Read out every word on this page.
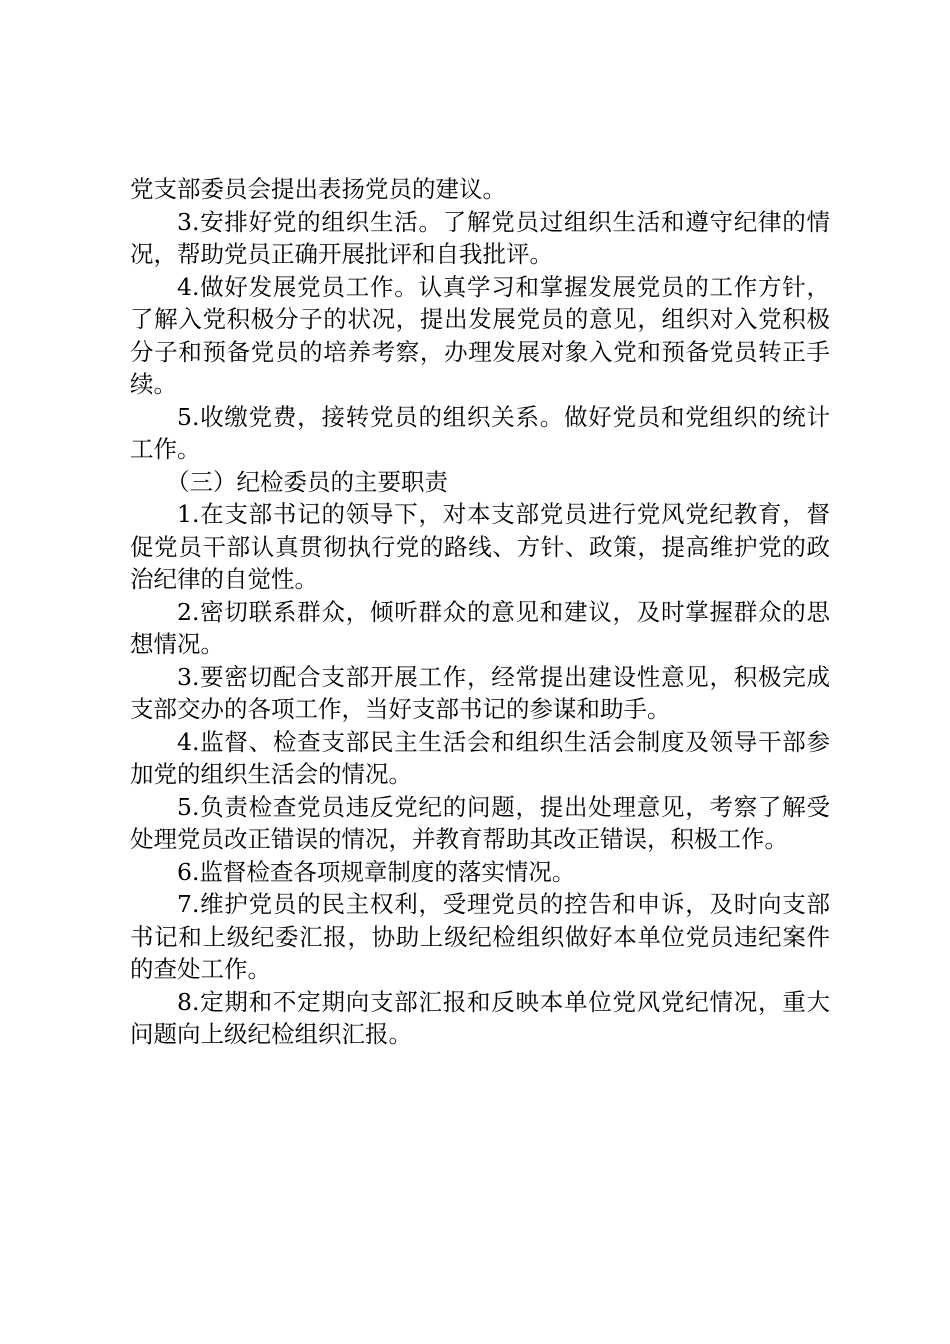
党支部委员会提出表扬党员的建议。

3.安排好党的组织生活。了解党员过组织生活和遵守纪律的情况，帮助党员正确开展批评和自我批评。

4.做好发展党员工作。认真学习和掌握发展党员的工作方针，了解入党积极分子的状况，提出发展党员的意见，组织对入党积极分子和预备党员的培养考察，办理发展对象入党和预备党员转正手续。

5.收缴党费，接转党员的组织关系。做好党员和党组织的统计工作。

（三）纪检委员的主要职责

1.在支部书记的领导下，对本支部党员进行党风党纪教育，督促党员干部认真贯彻执行党的路线、方针、政策，提高维护党的政治纪律的自觉性。

2.密切联系群众，倾听群众的意见和建议，及时掌握群众的思想情况。

3.要密切配合支部开展工作，经常提出建设性意见，积极完成支部交办的各项工作，当好支部书记的参谋和助手。

4.监督、检查支部民主生活会和组织生活会制度及领导干部参加党的组织生活会的情况。

5.负责检查党员违反党纪的问题，提出处理意见，考察了解受处理党员改正错误的情况，并教育帮助其改正错误，积极工作。

6.监督检查各项规章制度的落实情况。

7.维护党员的民主权利，受理党员的控告和申诉，及时向支部书记和上级纪委汇报，协助上级纪检组织做好本单位党员违纪案件的查处工作。

8.定期和不定期向支部汇报和反映本单位党风党纪情况，重大问题向上级纪检组织汇报。
